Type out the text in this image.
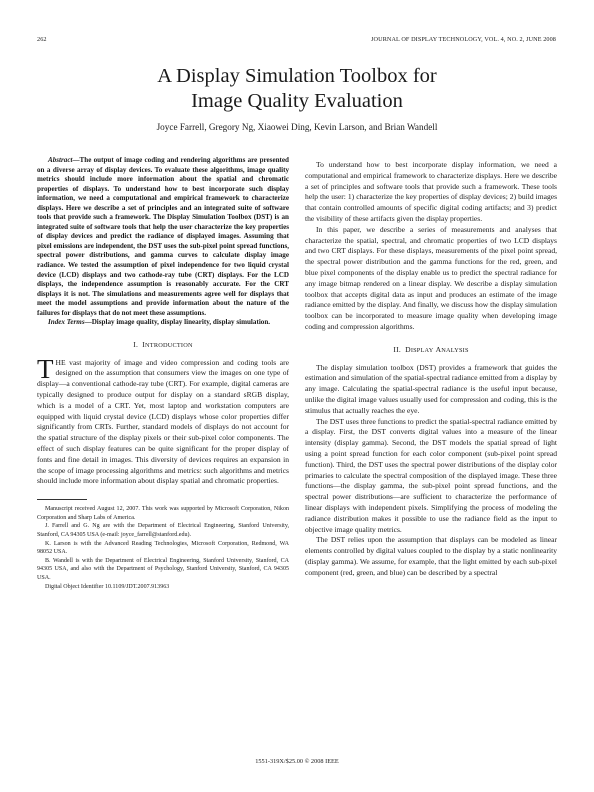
262	JOURNAL OF DISPLAY TECHNOLOGY, VOL. 4, NO. 2, JUNE 2008
A Display Simulation Toolbox for
Image Quality Evaluation
Joyce Farrell, Gregory Ng, Xiaowei Ding, Kevin Larson, and Brian Wandell

Abstract—The output of image coding and rendering algorithms are presented on a diverse array of display devices. To evaluate these algorithms, image quality metrics should include more information about the spatial and chromatic properties of displays. To understand how to best incorporate such display information, we need a computational and empirical framework to characterize displays. Here we describe a set of principles and an integrated suite of software tools that provide such a framework. The Display Simulation Toolbox (DST) is an integrated suite of software tools that help the user characterize the key properties of display devices and predict the radiance of displayed images. Assuming that pixel emissions are independent, the DST uses the sub-pixel point spread functions, spectral power distributions, and gamma curves to calculate display image radiance. We tested the assumption of pixel independence for two liquid crystal device (LCD) displays and two cathode-ray tube (CRT) displays. For the LCD displays, the independence assumption is reasonably accurate. For the CRT displays it is not. The simulations and measurements agree well for displays that meet the model assumptions and provide information about the nature of the failures for displays that do not meet these assumptions.

Index Terms—Display image quality, display linearity, display simulation.

I. INTRODUCTION

THE vast majority of image and video compression and coding tools are designed on the assumption that consumers view the images on one type of display—a conventional cathode-ray tube (CRT). For example, digital cameras are typically designed to produce output for display on a standard sRGB display, which is a model of a CRT. Yet, most laptop and workstation computers are equipped with liquid crystal device (LCD) displays whose color properties differ significantly from CRTs. Further, standard models of displays do not account for the spatial structure of the display pixels or their sub-pixel color components. The effect of such display features can be quite significant for the proper display of fonts and fine detail in images. This diversity of devices requires an expansion in the scope of image processing algorithms and metrics: such algorithms and metrics should include more information about display spatial and chromatic properties.

Manuscript received August 12, 2007. This work was supported by Microsoft Corporation, Nikon Corporation and Sharp Labs of America.

J. Farrell and G. Ng are with the Department of Electrical Engineering, Stanford University, Stanford, CA 94305 USA (e-mail: joyce_farrell@stanford.edu).

K. Larson is with the Advanced Reading Technologies, Microsoft Corporation, Redmond, WA 98052 USA.

B. Wandell is with the Department of Electrical Engineering, Stanford University, Stanford, CA 94305 USA, and also with the Department of Psychology, Stanford University, Stanford, CA 94305 USA.

Digital Object Identifier 10.1109/JDT.2007.913963

To understand how to best incorporate display information, we need a computational and empirical framework to characterize displays. Here we describe a set of principles and software tools that provide such a framework. These tools help the user: 1) characterize the key properties of display devices; 2) build images that contain controlled amounts of specific digital coding artifacts; and 3) predict the visibility of these artifacts given the display properties.

In this paper, we describe a series of measurements and analyses that characterize the spatial, spectral, and chromatic properties of two LCD displays and two CRT displays. For these displays, measurements of the pixel point spread, the spectral power distribution and the gamma functions for the red, green, and blue pixel components of the display enable us to predict the spectral radiance for any image bitmap rendered on a linear display. We describe a display simulation toolbox that accepts digital data as input and produces an estimate of the image radiance emitted by the display. And finally, we discuss how the display simulation toolbox can be incorporated to measure image quality when developing image coding and compression algorithms.

II. DISPLAY ANALYSIS

The display simulation toolbox (DST) provides a framework that guides the estimation and simulation of the spatial-spectral radiance emitted from a display by any image. Calculating the spatial-spectral radiance is the useful input because, unlike the digital image values usually used for compression and coding, this is the stimulus that actually reaches the eye.

The DST uses three functions to predict the spatial-spectral radiance emitted by a display. First, the DST converts digital values into a measure of the linear intensity (display gamma). Second, the DST models the spatial spread of light using a point spread function for each color component (sub-pixel point spread function). Third, the DST uses the spectral power distributions of the display color primaries to calculate the spectral composition of the displayed image. These three functions—the display gamma, the sub-pixel point spread functions, and the spectral power distributions—are sufficient to characterize the performance of linear displays with independent pixels. Simplifying the process of modeling the radiance distribution makes it possible to use the radiance field as the input to objective image quality metrics.

The DST relies upon the assumption that displays can be modeled as linear elements controlled by digital values coupled to the display by a static nonlinearity (display gamma). We assume, for example, that the light emitted by each sub-pixel component (red, green, and blue) can be described by a spectral

1551-319X/$25.00 © 2008 IEEE
